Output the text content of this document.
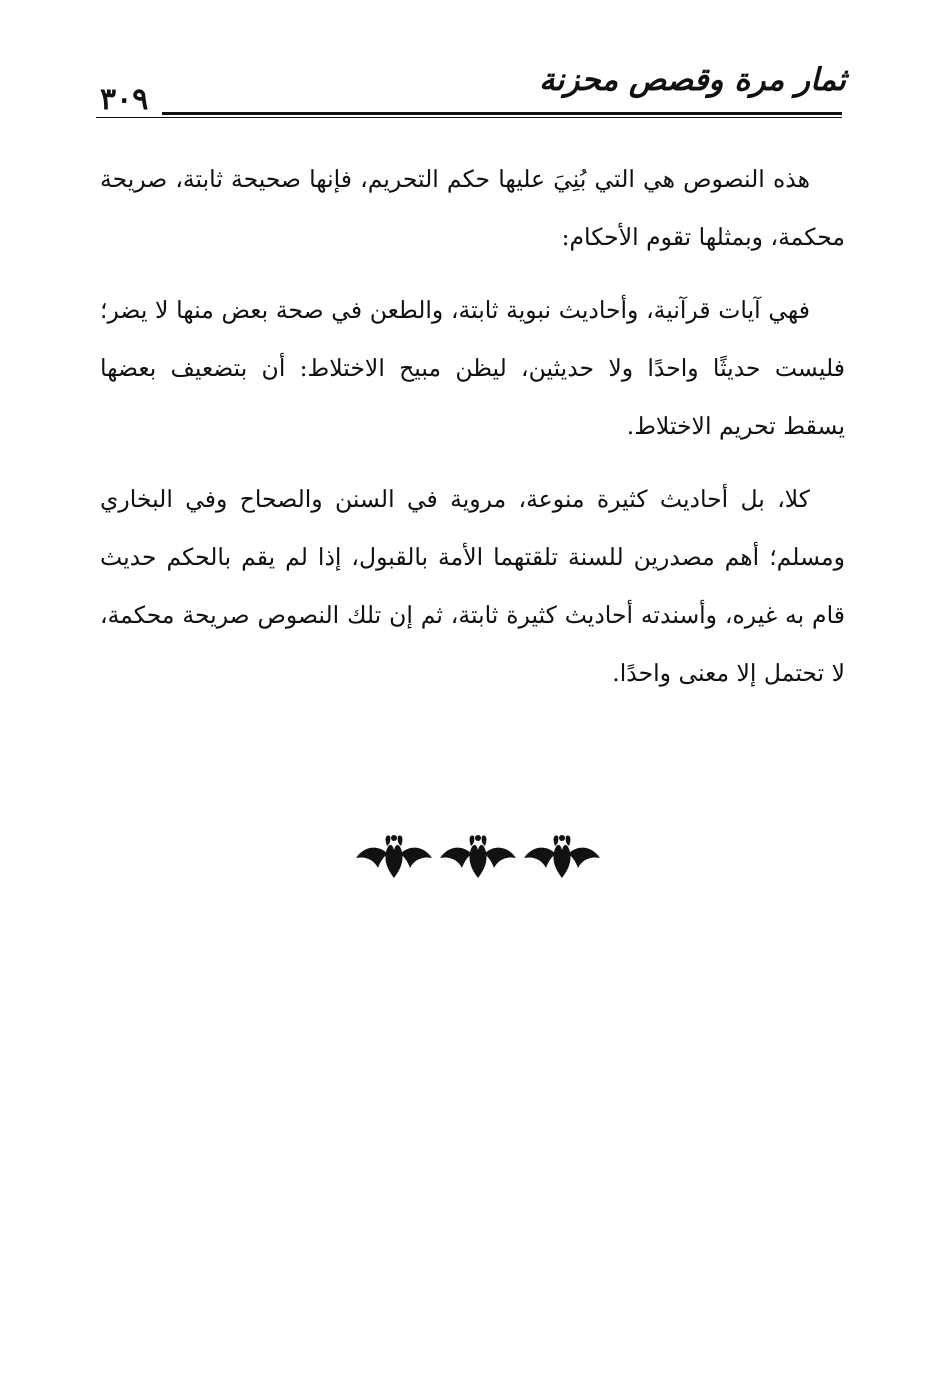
ثمار مرة وقصص محزنة
٣٠٩

هذه النصوص هي التي بُنِيَ عليها حكم التحريم، فإنها صحيحة ثابتة، صريحة محكمة، وبمثلها تقوم الأحكام:

فهي آيات قرآنية، وأحاديث نبوية ثابتة، والطعن في صحة بعض منها لا يضر؛ فليست حديثًا واحدًا ولا حديثين، ليظن مبيح الاختلاط: أن بتضعيف بعضها يسقط تحريم الاختلاط.

كلا، بل أحاديث كثيرة منوعة، مروية في السنن والصحاح وفي البخاري ومسلم؛ أهم مصدرين للسنة تلقتهما الأمة بالقبول، إذا لم يقم بالحكم حديث قام به غيره، وأسندته أحاديث كثيرة ثابتة، ثم إن تلك النصوص صريحة محكمة، لا تحتمل إلا معنى واحدًا.
